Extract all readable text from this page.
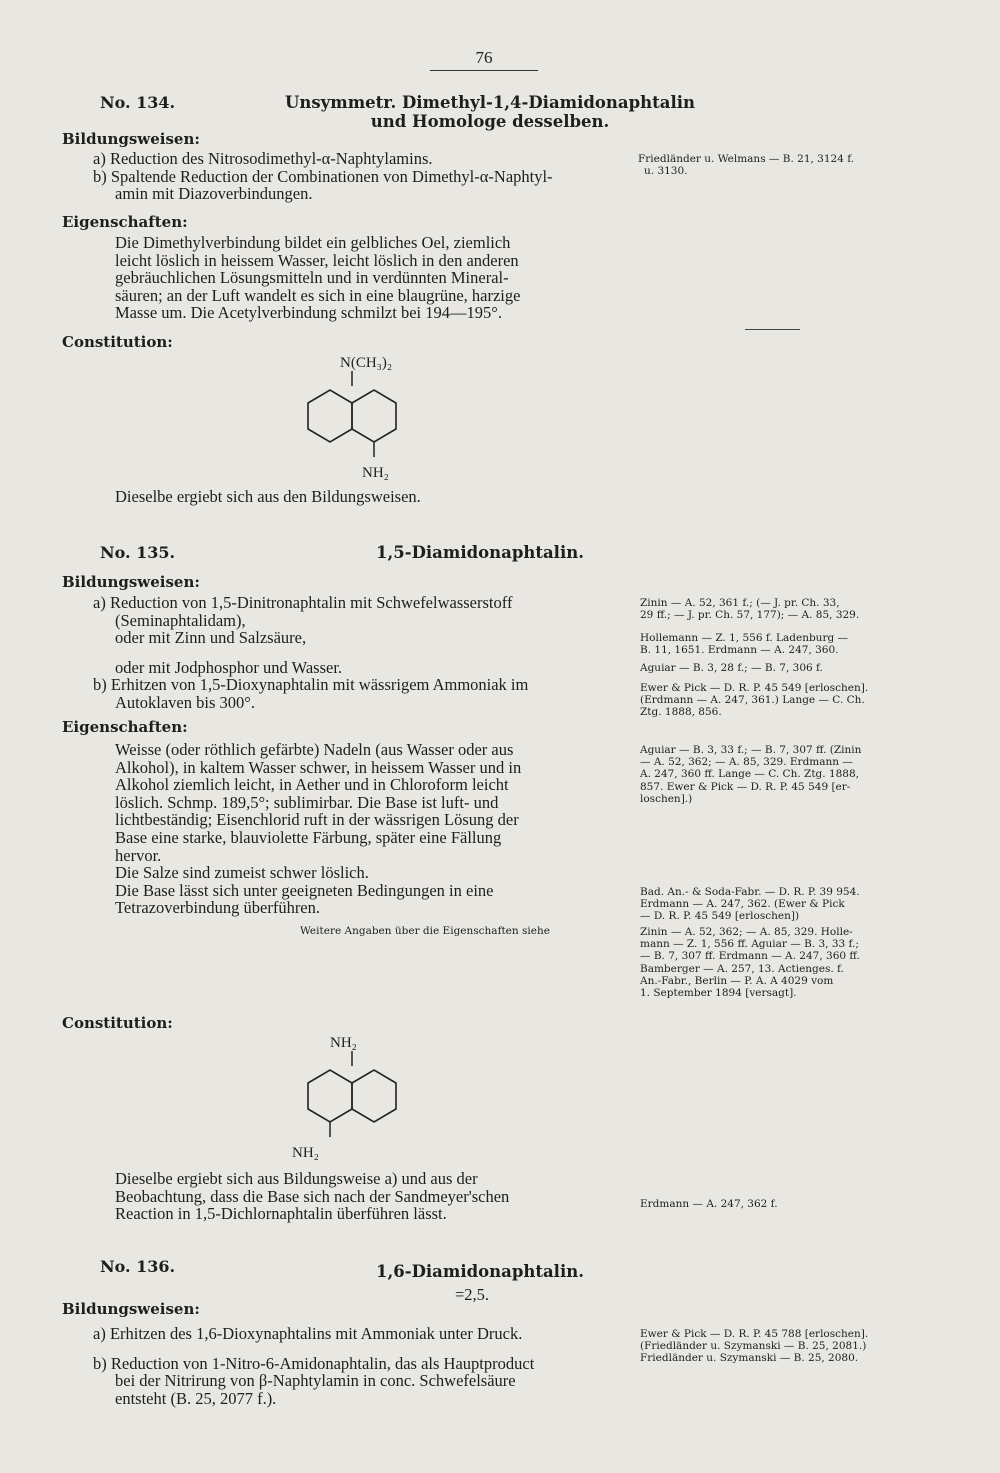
76
No. 134.	Unsymmetr. Dimethyl-1,4-Diamidonaphtalin
und Homologe desselben.
Bildungsweisen:
a) Reduction des Nitrosodimethyl-α-Naphtylamins.
b) Spaltende Reduction der Combinationen von Dimethyl-α-Naphtyl-
amin mit Diazoverbindungen.
Friedländer u. Welmans — B. 21, 3124 f.
u. 3130.
Eigenschaften:
Die Dimethylverbindung bildet ein gelbliches Oel, ziemlich
leicht löslich in heissem Wasser, leicht löslich in den anderen
gebräuchlichen Lösungsmitteln und in verdünnten Mineral-
säuren; an der Luft wandelt es sich in eine blaugrüne, harzige
Masse um. Die Acetylverbindung schmilzt bei 194—195°.
Constitution:
N(CH₃)₂
NH₂
Dieselbe ergiebt sich aus den Bildungsweisen.
No. 135.	1,5-Diamidonaphtalin.
Bildungsweisen:
a) Reduction von 1,5-Dinitronaphtalin mit Schwefelwasserstoff
(Seminaphtalidam),
oder mit Zinn und Salzsäure,
oder mit Jodphosphor und Wasser.
b) Erhitzen von 1,5-Dioxynaphtalin mit wässrigem Ammoniak im
Autoklaven bis 300°.
Zinin — A. 52, 361 f.; (— J. pr. Ch. 33,
29 ff.; — J. pr. Ch. 57, 177); — A. 85, 329.
Hollemann — Z. 1, 556 f. Ladenburg —
B. 11, 1651. Erdmann — A. 247, 360.
Aguiar — B. 3, 28 f.; — B. 7, 306 f.
Ewer & Pick — D. R. P. 45 549 [erloschen].
(Erdmann — A. 247, 361.) Lange — C. Ch.
Ztg. 1888, 856.
Eigenschaften:
Weisse (oder röthlich gefärbte) Nadeln (aus Wasser oder aus
Alkohol), in kaltem Wasser schwer, in heissem Wasser und in
Alkohol ziemlich leicht, in Aether und in Chloroform leicht
löslich. Schmp. 189,5°; sublimirbar. Die Base ist luft- und
lichtbeständig; Eisenchlorid ruft in der wässrigen Lösung der
Base eine starke, blauviolette Färbung, später eine Fällung
hervor.
Die Salze sind zumeist schwer löslich.
Die Base lässt sich unter geeigneten Bedingungen in eine
Tetrazoverbindung überführen.
Aguiar — B. 3, 33 f.; — B. 7, 307 ff. (Zinin
— A. 52, 362; — A. 85, 329. Erdmann —
A. 247, 360 ff. Lange — C. Ch. Ztg. 1888,
857. Ewer & Pick — D. R. P. 45 549 [er-
loschen].)
Bad. An.- & Soda-Fabr. — D. R. P. 39 954.
Erdmann — A. 247, 362. (Ewer & Pick
— D. R. P. 45 549 [erloschen])
Zinin — A. 52, 362; — A. 85, 329. Holle-
mann — Z. 1, 556 ff. Aguiar — B. 3, 33 f.;
— B. 7, 307 ff. Erdmann — A. 247, 360 ff.
Bamberger — A. 257, 13. Actienges. f.
An.-Fabr., Berlin — P. A. A 4029 vom
1. September 1894 [versagt].
Weitere Angaben über die Eigenschaften siehe
Constitution:
NH₂
NH₂
Dieselbe ergiebt sich aus Bildungsweise a) und aus der
Beobachtung, dass die Base sich nach der Sandmeyer'schen
Reaction in 1,5-Dichlornaphtalin überführen lässt.
Erdmann — A. 247, 362 f.
No. 136.	1,6-Diamidonaphtalin.
=2,5.
Bildungsweisen:
a) Erhitzen des 1,6-Dioxynaphtalins mit Ammoniak unter Druck.
b) Reduction von 1-Nitro-6-Amidonaphtalin, das als Hauptproduct
bei der Nitrirung von β-Naphtylamin in conc. Schwefelsäure
entsteht (B. 25, 2077 f.).
Ewer & Pick — D. R. P. 45 788 [erloschen].
(Friedländer u. Szymanski — B. 25, 2081.)
Friedländer u. Szymanski — B. 25, 2080.
